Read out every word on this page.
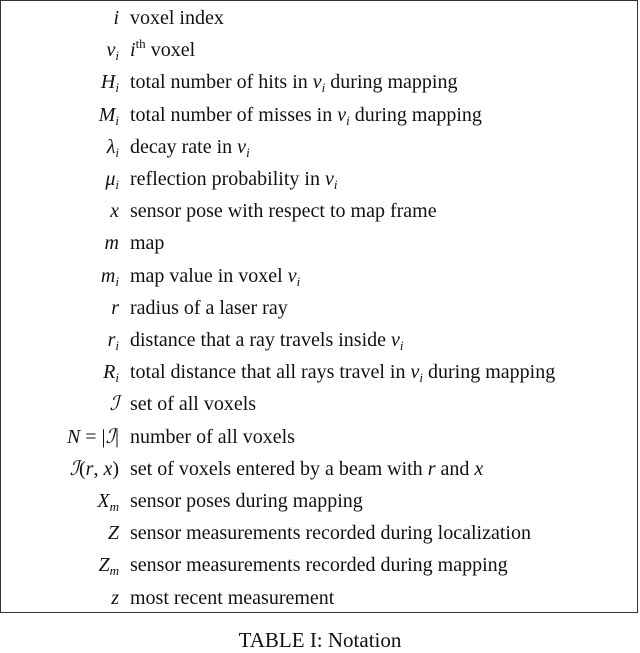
i voxel index
$v_i$ $i^{th}$ voxel
$H_i$ total number of hits in $v_i$ during mapping
$M_i$ total number of misses in $v_i$ during mapping
$\lambda_i$ decay rate in $v_i$
$\mu_i$ reflection probability in $v_i$
x sensor pose with respect to map frame
m map
$m_i$ map value in voxel $v_i$
r radius of a laser ray
$r_i$ distance that a ray travels inside $v_i$
$R_i$ total distance that all rays travel in $v_i$ during mapping
ℐ set of all voxels
N = |ℐ| number of all voxels
ℐ(r, x) set of voxels entered by a beam with r and x
$X_m$ sensor poses during mapping
Z sensor measurements recorded during localization
$Z_m$ sensor measurements recorded during mapping
z most recent measurement
TABLE I: Notation
